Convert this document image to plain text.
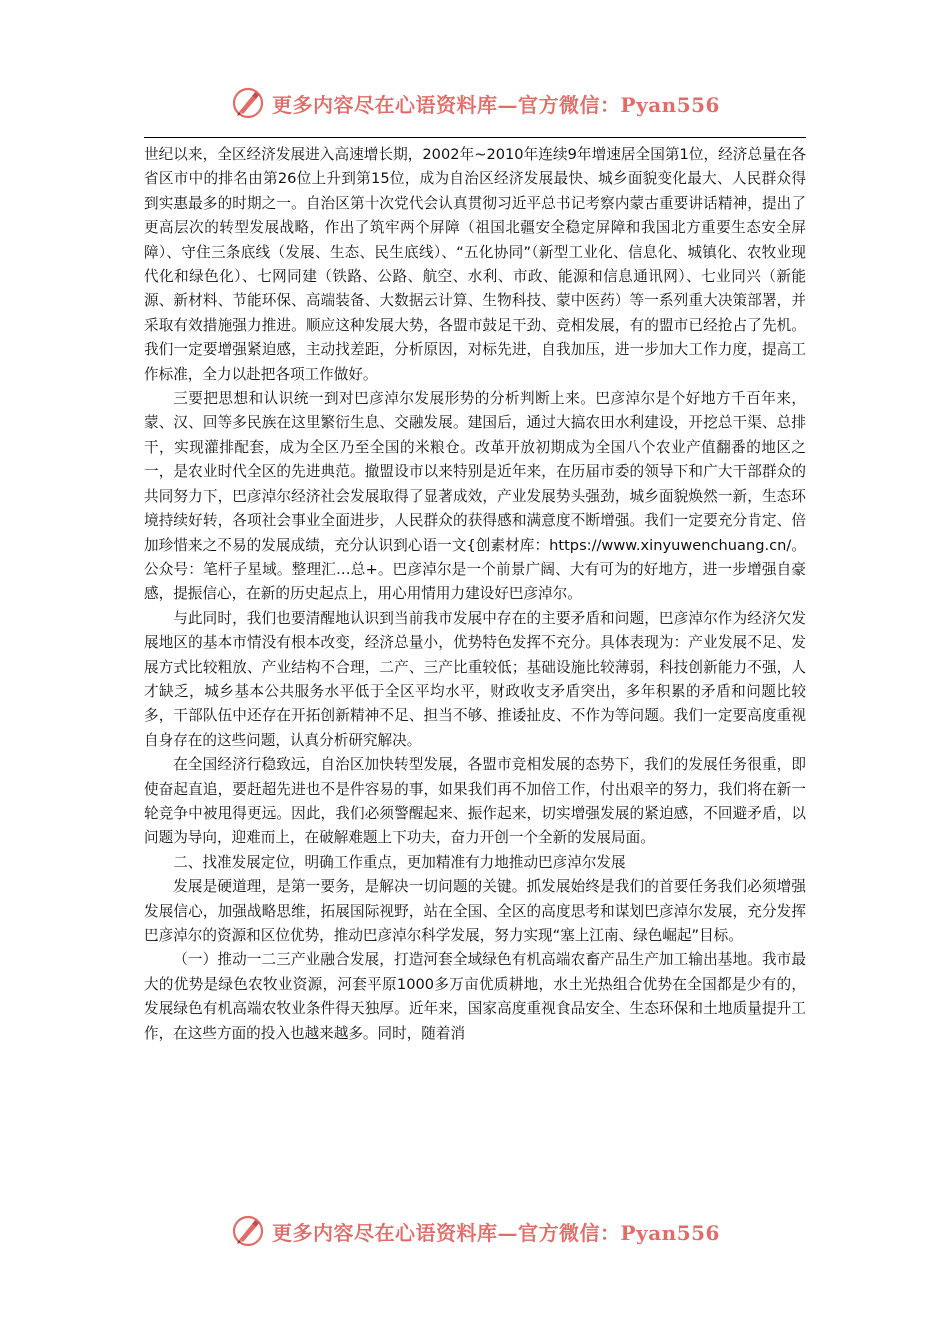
更多内容尽在心语资料库—官方微信：Pyan556

世纪以来，全区经济发展进入高速增长期，2002年~2010年连续9年增速居全国第1位，经济总量在各省区市中的排名由第26位上升到第15位，成为自治区经济发展最快、城乡面貌变化最大、人民群众得到实惠最多的时期之一。自治区第十次党代会认真贯彻习近平总书记考察内蒙古重要讲话精神，提出了更高层次的转型发展战略，作出了筑牢两个屏障（祖国北疆安全稳定屏障和我国北方重要生态安全屏障）、守住三条底线（发展、生态、民生底线）、“五化协同”（新型工业化、信息化、城镇化、农牧业现代化和绿色化）、七网同建（铁路、公路、航空、水利、市政、能源和信息通讯网）、七业同兴（新能源、新材料、节能环保、高端装备、大数据云计算、生物科技、蒙中医药）等一系列重大决策部署，并采取有效措施强力推进。顺应这种发展大势，各盟市鼓足干劲、竞相发展，有的盟市已经抢占了先机。我们一定要增强紧迫感，主动找差距，分析原因，对标先进，自我加压，进一步加大工作力度，提高工作标准，全力以赴把各项工作做好。

三要把思想和认识统一到对巴彦淖尔发展形势的分析判断上来。巴彦淖尔是个好地方千百年来，蒙、汉、回等多民族在这里繁衍生息、交融发展。建国后，通过大搞农田水利建设，开挖总干渠、总排干，实现灌排配套，成为全区乃至全国的米粮仓。改革开放初期成为全国八个农业产值翻番的地区之一，是农业时代全区的先进典范。撤盟设市以来特别是近年来，在历届市委的领导下和广大干部群众的共同努力下，巴彦淖尔经济社会发展取得了显著成效，产业发展势头强劲，城乡面貌焕然一新，生态环境持续好转，各项社会事业全面进步，人民群众的获得感和满意度不断增强。我们一定要充分肯定、倍加珍惜来之不易的发展成绩，充分认识到心语一文{创素材库：https://www.xinyuwenchuang.cn/。公众号：笔杆子星域。整理汇…总+。巴彦淖尔是一个前景广阔、大有可为的好地方，进一步增强自豪感，提振信心，在新的历史起点上，用心用情用力建设好巴彦淖尔。

与此同时，我们也要清醒地认识到当前我市发展中存在的主要矛盾和问题，巴彦淖尔作为经济欠发展地区的基本市情没有根本改变，经济总量小，优势特色发挥不充分。具体表现为：产业发展不足、发展方式比较粗放、产业结构不合理，二产、三产比重较低；基础设施比较薄弱，科技创新能力不强，人才缺乏，城乡基本公共服务水平低于全区平均水平，财政收支矛盾突出，多年积累的矛盾和问题比较多，干部队伍中还存在开拓创新精神不足、担当不够、推诿扯皮、不作为等问题。我们一定要高度重视自身存在的这些问题，认真分析研究解决。

在全国经济行稳致远，自治区加快转型发展，各盟市竞相发展的态势下，我们的发展任务很重，即使奋起直追，要赶超先进也不是件容易的事，如果我们再不加倍工作，付出艰辛的努力，我们将在新一轮竞争中被甩得更远。因此，我们必须警醒起来、振作起来，切实增强发展的紧迫感，不回避矛盾，以问题为导向，迎难而上，在破解难题上下功夫，奋力开创一个全新的发展局面。

二、找准发展定位，明确工作重点，更加精准有力地推动巴彦淖尔发展

发展是硬道理，是第一要务，是解决一切问题的关键。抓发展始终是我们的首要任务我们必须增强发展信心，加强战略思维，拓展国际视野，站在全国、全区的高度思考和谋划巴彦淖尔发展，充分发挥巴彦淖尔的资源和区位优势，推动巴彦淖尔科学发展，努力实现“塞上江南、绿色崛起”目标。

（一）推动一二三产业融合发展，打造河套全域绿色有机高端农畜产品生产加工输出基地。我市最大的优势是绿色农牧业资源，河套平原1000多万亩优质耕地，水土光热组合优势在全国都是少有的，发展绿色有机高端农牧业条件得天独厚。近年来，国家高度重视食品安全、生态环保和土地质量提升工作，在这些方面的投入也越来越多。同时，随着消

更多内容尽在心语资料库—官方微信：Pyan556
